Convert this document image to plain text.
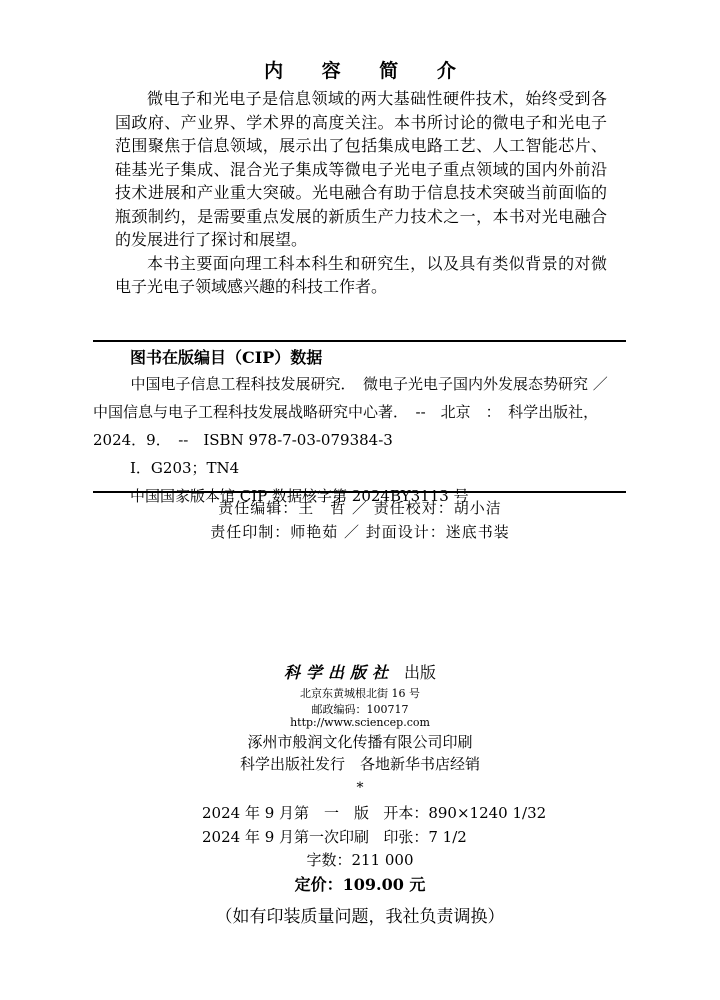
内 容 简 介

微电子和光电子是信息领域的两大基础性硬件技术，始终受到各国政府、产业界、学术界的高度关注。本书所讨论的微电子和光电子范围聚焦于信息领域，展示出了包括集成电路工艺、人工智能芯片、硅基光子集成、混合光子集成等微电子光电子重点领域的国内外前沿技术进展和产业重大突破。光电融合有助于信息技术突破当前面临的瓶颈制约，是需要重点发展的新质生产力技术之一，本书对光电融合的发展进行了探讨和展望。

本书主要面向理工科本科生和研究生，以及具有类似背景的对微电子光电子领域感兴趣的科技工作者。

图书在版编目（CIP）数据

中国电子信息工程科技发展研究．　微电子光电子国内外发展态势研究 ／ 中国信息与电子工程科技发展战略研究中心著．　--　北京　：　科学出版社，　2024．9．　--　ISBN 978-7-03-079384-3

Ⅰ．G203；TN4

中国国家版本馆 CIP 数据核字第 2024BY3113 号

责任编辑：王　哲 ／ 责任校对：胡小洁
责任印制：师艳茹 ／ 封面设计：迷底书装
科学出版社 出版
北京东黄城根北街 16 号
邮政编码：100717
http://www.sciencep.com
涿州市般润文化传播有限公司印刷
科学出版社发行　各地新华书店经销
*
2024 年 9 月第　一　版 开本：890×1240 1/32
2024 年 9 月第一次印刷 印张：7 1/2
字数：211 000
定价：109.00 元
（如有印装质量问题，我社负责调换）
